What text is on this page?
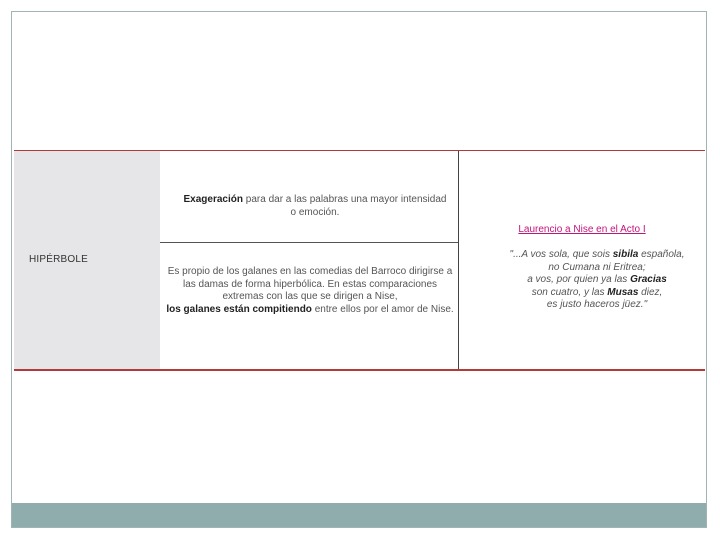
HIPÉRBOLE

Exageración para dar a las palabras una mayor intensidad o emoción.

Es propio de los galanes en las comedias del Barroco dirigirse a las damas de forma hiperbólica. En estas comparaciones extremas con las que se dirigen a Nise,
los galanes están compitiendo entre ellos por el amor de Nise.

Laurencio a Nise en el Acto I

"...A vos sola, que sois sibila española,
no Cumana ni Eritrea;
a vos, por quien ya las Gracias
son cuatro, y las Musas diez,
es justo haceros jüez."
